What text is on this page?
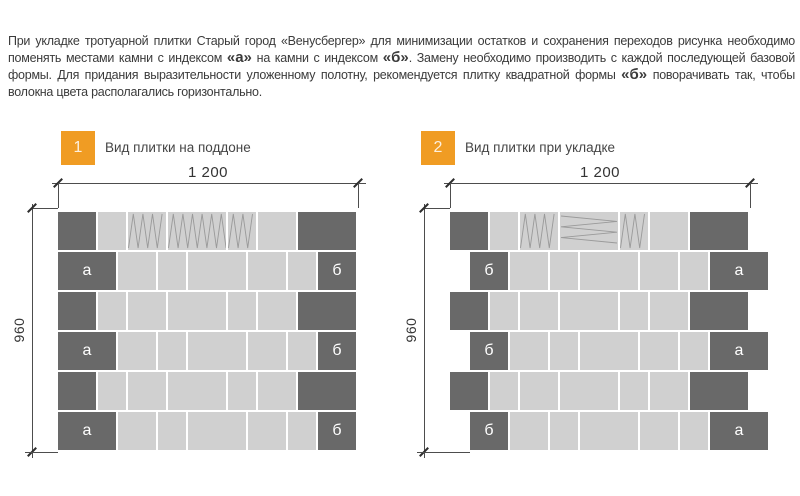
При укладке тротуарной плитки Старый город «Венусбергер» для минимизации остатков и сохранения переходов рисунка необходимо поменять местами камни с индексом «а» на камни с индексом «б». Замену необходимо производить с каждой последующей базовой формы. Для придания выразительности уложенному полотну, рекомендуется плитку квадратной формы «б» поворачивать так, чтобы волокна цвета располагались горизонтально.

1	Вид плитки на поддоне	2	Вид плитки при укладке
1 200
960
а	б
а	б
а	б
1 200
960
б	а
б	а
б	а
